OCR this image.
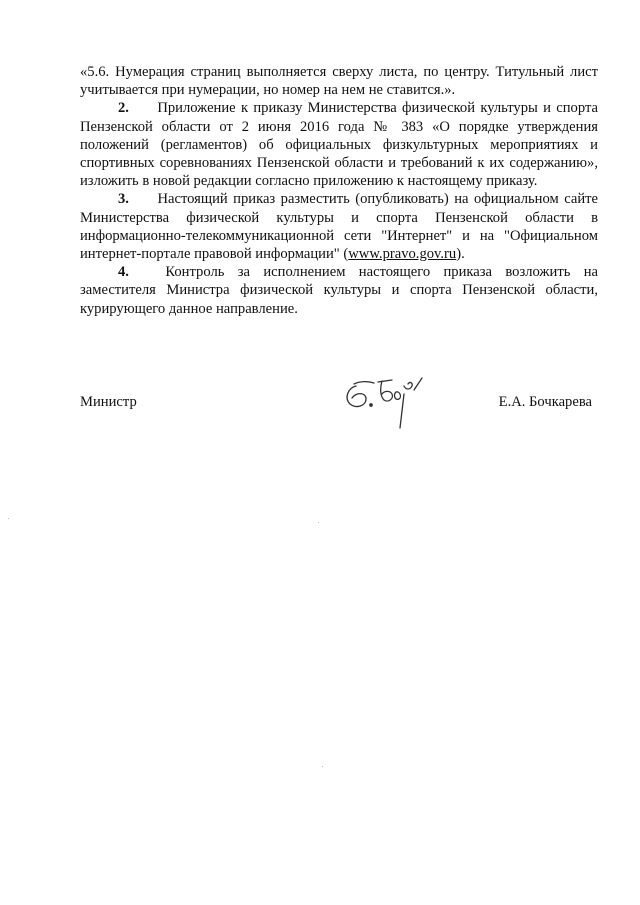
«5.6. Нумерация страниц выполняется сверху листа, по центру. Титульный лист учитывается при нумерации, но номер на нем не ставится.».

2. Приложение к приказу Министерства физической культуры и спорта Пензенской области от 2 июня 2016 года № 383 «О порядке утверждения положений (регламентов) об официальных физкультурных мероприятиях и спортивных соревнованиях Пензенской области и требований к их содержанию», изложить в новой редакции согласно приложению к настоящему приказу.

3. Настоящий приказ разместить (опубликовать) на официальном сайте Министерства физической культуры и спорта Пензенской области в информационно-телекоммуникационной сети "Интернет" и на "Официальном интернет-портале правовой информации" (www.pravo.gov.ru).

4. Контроль за исполнением настоящего приказа возложить на заместителя Министра физической культуры и спорта Пензенской области, курирующего данное направление.

Министр	Е.А. Бочкарева
